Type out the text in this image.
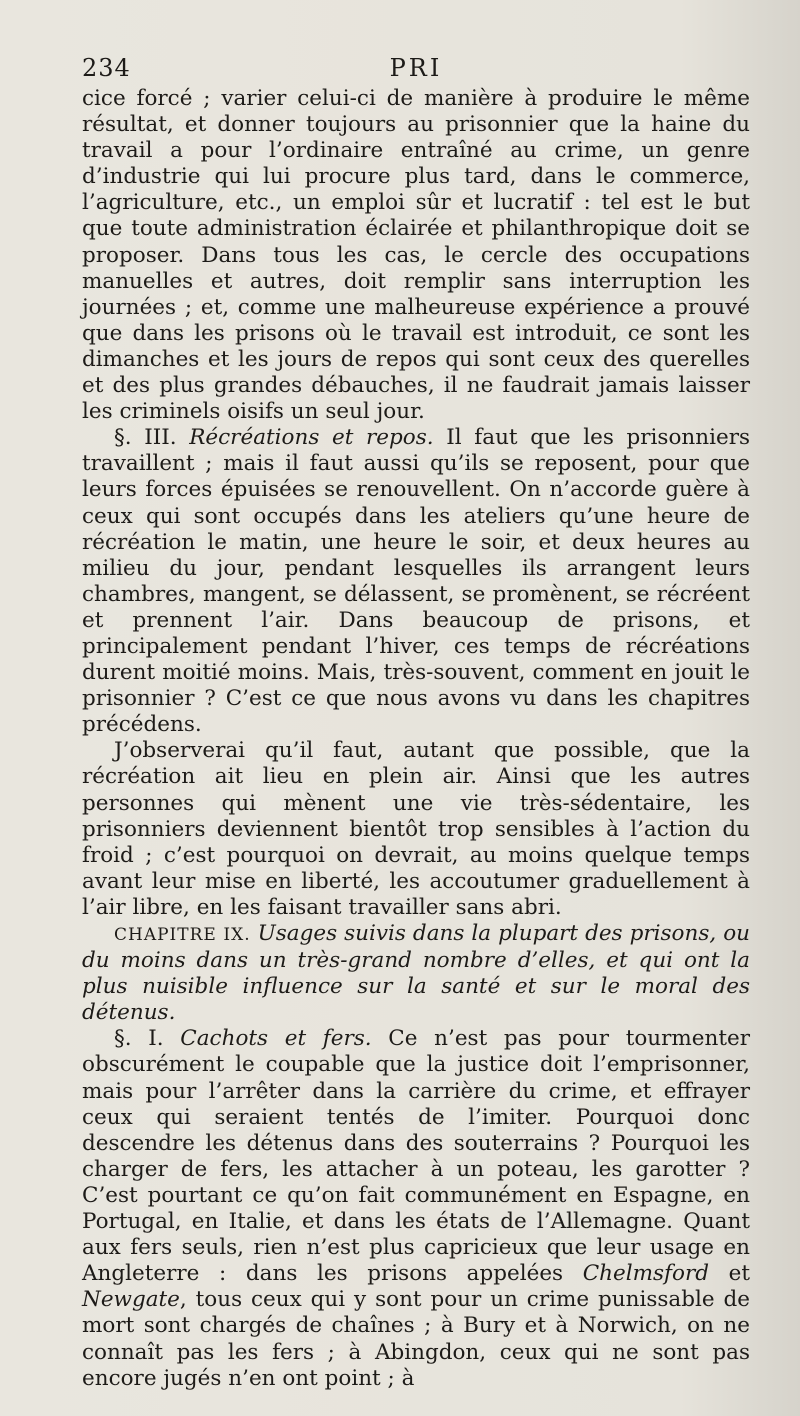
234	PRI

cice forcé ; varier celui-ci de manière à produire le même résultat, et donner toujours au prisonnier que la haine du travail a pour l’ordinaire entraîné au crime, un genre d’industrie qui lui procure plus tard, dans le commerce, l’agriculture, etc., un emploi sûr et lucratif : tel est le but que toute administration éclairée et philanthropique doit se proposer. Dans tous les cas, le cercle des occupations manuelles et autres, doit remplir sans interruption les journées ; et, comme une malheureuse expérience a prouvé que dans les prisons où le travail est introduit, ce sont les dimanches et les jours de repos qui sont ceux des querelles et des plus grandes débauches, il ne faudrait jamais laisser les criminels oisifs un seul jour.

§. III. Récréations et repos. Il faut que les prisonniers travaillent ; mais il faut aussi qu’ils se reposent, pour que leurs forces épuisées se renouvellent. On n’accorde guère à ceux qui sont occupés dans les ateliers qu’une heure de récréation le matin, une heure le soir, et deux heures au milieu du jour, pendant lesquelles ils arrangent leurs chambres, mangent, se délassent, se promènent, se récréent et prennent l’air. Dans beaucoup de prisons, et principalement pendant l’hiver, ces temps de récréations durent moitié moins. Mais, très-souvent, comment en jouit le prisonnier ? C’est ce que nous avons vu dans les chapitres précédens.

J’observerai qu’il faut, autant que possible, que la récréation ait lieu en plein air. Ainsi que les autres personnes qui mènent une vie très-sédentaire, les prisonniers deviennent bientôt trop sensibles à l’action du froid ; c’est pourquoi on devrait, au moins quelque temps avant leur mise en liberté, les accoutumer graduellement à l’air libre, en les faisant travailler sans abri.

CHAPITRE IX. Usages suivis dans la plupart des prisons, ou du moins dans un très-grand nombre d’elles, et qui ont la plus nuisible influence sur la santé et sur le moral des détenus.

§. I. Cachots et fers. Ce n’est pas pour tourmenter obscurément le coupable que la justice doit l’emprisonner, mais pour l’arrêter dans la carrière du crime, et effrayer ceux qui seraient tentés de l’imiter. Pourquoi donc descendre les détenus dans des souterrains ? Pourquoi les charger de fers, les attacher à un poteau, les garotter ? C’est pourtant ce qu’on fait communément en Espagne, en Portugal, en Italie, et dans les états de l’Allemagne. Quant aux fers seuls, rien n’est plus capricieux que leur usage en Angleterre : dans les prisons appelées Chelmsford et Newgate, tous ceux qui y sont pour un crime punissable de mort sont chargés de chaînes ; à Bury et à Norwich, on ne connaît pas les fers ; à Abingdon, ceux qui ne sont pas encore jugés n’en ont point ; à
